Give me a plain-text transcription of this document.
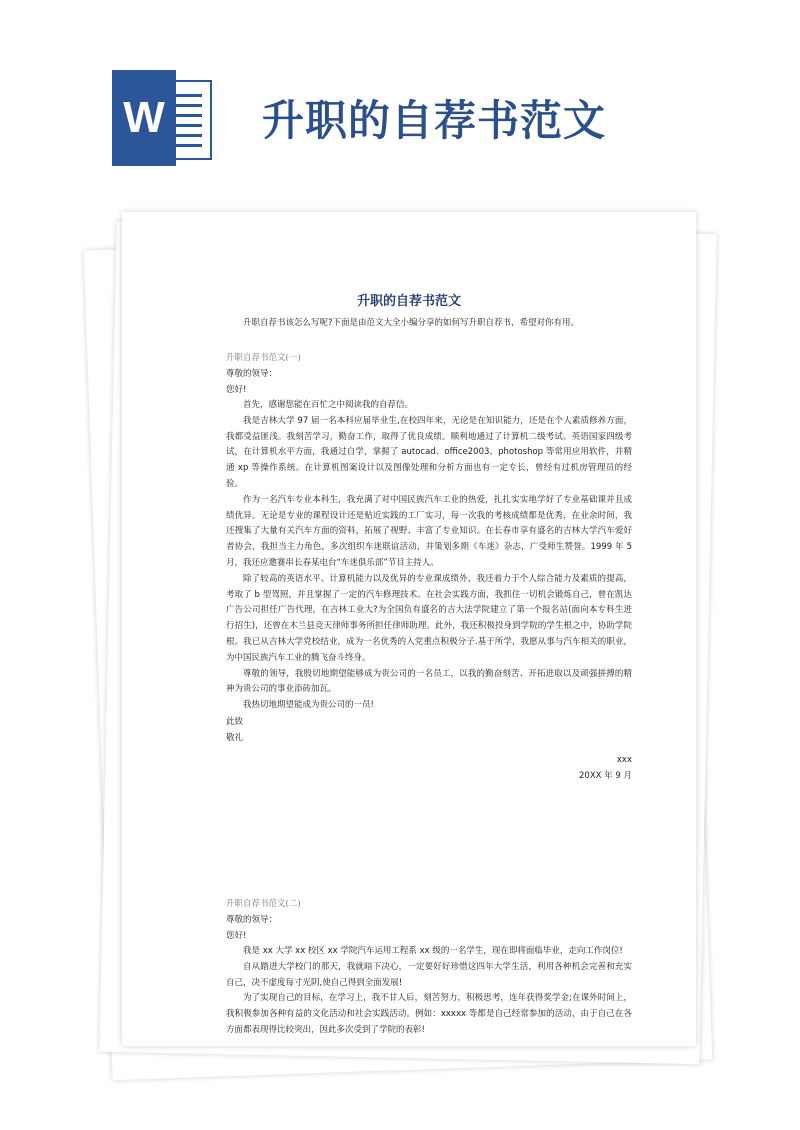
W 升职的自荐书范文
升职的自荐书范文

升职自荐书该怎么写呢?下面是由范文大全小编分享的如何写升职自荐书，希望对你有用。

升职自荐书范文(一)

尊敬的领导：

您好!

首先，感谢您能在百忙之中阅读我的自荐信。

我是吉林大学 97 届一名本科应届毕业生,在校四年来，无论是在知识能力，还是在个人素质修养方面，我都受益匪浅。我刻苦学习，勤奋工作，取得了优良成绩。顺利地通过了计算机二级考试、英语国家四级考试，在计算机水平方面，我通过自学，掌握了 autocad、office2003、photoshop 等常用应用软件，并精通 xp 等操作系统。在计算机图案设计以及图像处理和分析方面也有一定专长，曾经有过机房管理员的经验。

作为一名汽车专业本科生，我充满了对中国民族汽车工业的热爱，扎扎实实地学好了专业基础课并且成绩优异。无论是专业的课程设计还是贴近实践的工厂实习，每一次我的考核成绩都是优秀，在业余时间，我还搜集了大量有关汽车方面的资料，拓展了视野、丰富了专业知识。在长春市享有盛名的吉林大学汽车爱好者协会，我担当主力角色，多次组织车迷联谊活动，并策划多期《车迷》杂志，广受师生赞誉。1999 年 5 月，我还应邀赛串长春某电台“车迷俱乐部”节目主持人。

除了较高的英语水平、计算机能力以及优异的专业课成绩外，我还着力于个人综合能力及素质的提高，考取了 b 型驾照，并且掌握了一定的汽车修理技术。在社会实践方面，我抓住一切机会锻炼自己，曾在凯达广告公司担任广告代理，在吉林工业大?为全国负有盛名的吉大法学院建立了第一个报名站(面向本专科生进行招生)，还曾在木兰县竞天律师事务所担任律师助理。此外，我还积极投身到学院的学生根之中，协助学院根。我已从吉林大学党校结业，成为一名优秀的入党重点积极分子.基于所学，我愿从事与汽车相关的职业，为中国民族汽车工业的腾飞奋斗终身。

尊敬的领导，我殷切地期望能够成为贵公司的一名员工，以我的勤奋刻苦、开拓进取以及顽强拼搏的精神为贵公司的事业添砖加瓦。

我热切地期望能成为贵公司的一员!

此致

敬礼

xxx

20XX 年 9 月

升职自荐书范文(二)

尊敬的领导：

您好!

我是 xx 大学 xx 校区 xx 学院汽车运用工程系 xx 级的一名学生，现在即将面临毕业，走向工作岗位!

自从踏进大学校门的那天，我就暗下决心，一定要好好珍惜这四年大学生活，利用各种机会完善和充实自己，决不虚度每寸光阴,使自己得到全面发展!

为了实现自己的目标，在学习上，我不甘人后，刻苦努力，积极思考，连年获得奖学金;在课外时间上，我积极参加各种有益的文化活动和社会实践活动。例如：xxxxx 等都是自己经常参加的活动，由于自己在各方面都表现得比较突出，因此多次受到了学院的表彰!
